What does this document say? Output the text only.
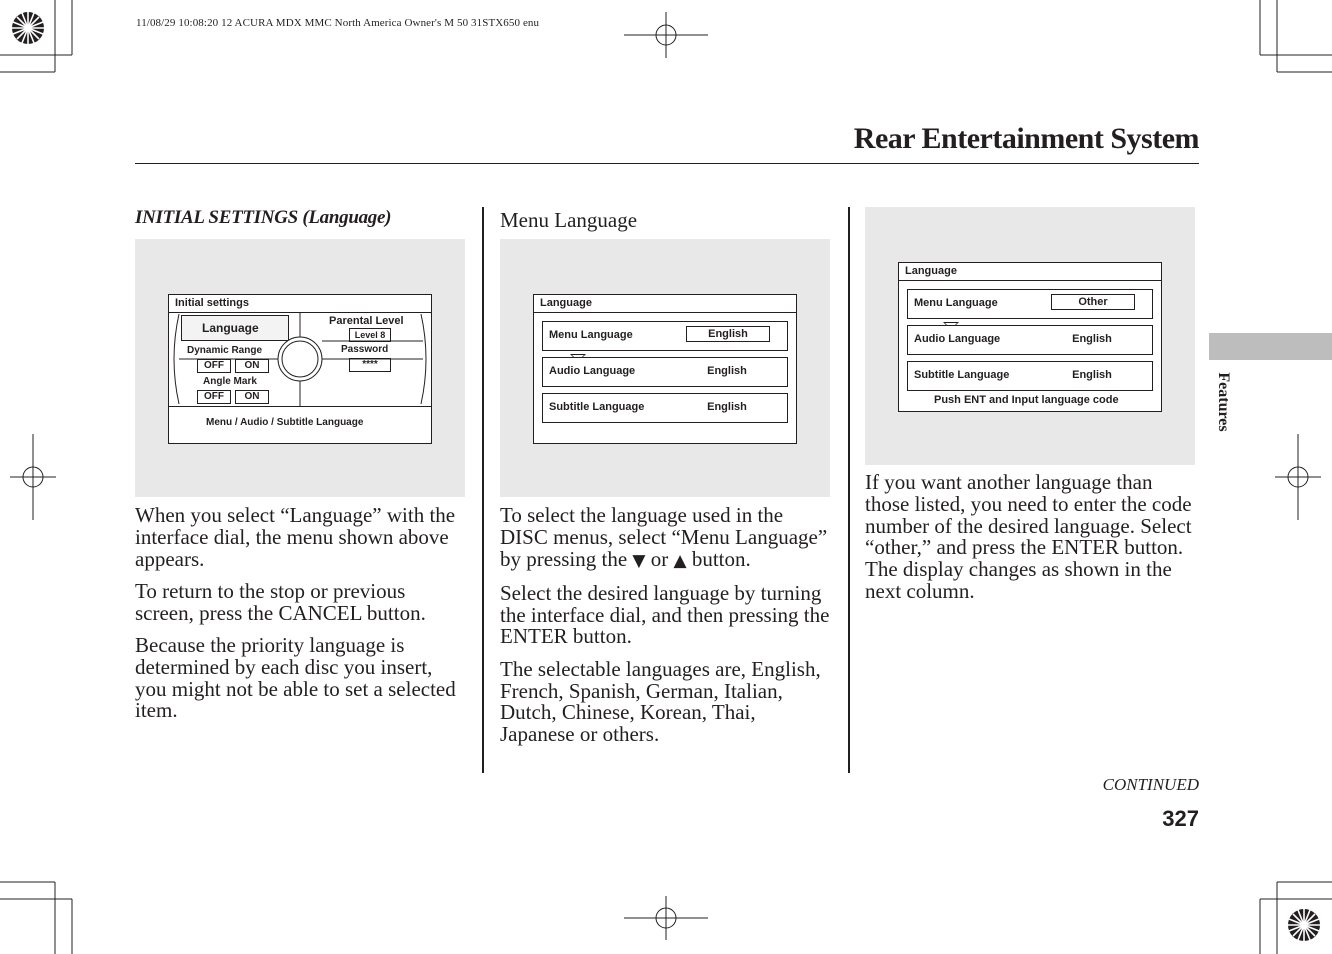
11/08/29 10:08:20 12 ACURA MDX MMC North America Owner's M 50 31STX650 enu
Rear Entertainment System
Features
INITIAL SETTINGS (Language)
Initial settings
Language	Parental Level
Level 8
Dynamic Range
OFF	ON
Password
****
Angle Mark
OFF	ON
Menu / Audio / Subtitle Language

When you select “Language” with the interface dial, the menu shown above appears.

To return to the stop or previous screen, press the CANCEL button.

Because the priority language is determined by each disc you insert, you might not be able to set a selected item.

Menu Language
Language
Menu Language	English
Audio Language	English
Subtitle Language	English

To select the language used in the DISC menus, select “Menu Language” by pressing the ▼ or ▲ button.

Select the desired language by turning the interface dial, and then pressing the ENTER button.

The selectable languages are, English, French, Spanish, German, Italian, Dutch, Chinese, Korean, Thai, Japanese or others.

Language
Menu Language	Other
Audio Language	English
Subtitle Language	English
Push ENT and Input language code

If you want another language than those listed, you need to enter the code number of the desired language. Select “other,” and press the ENTER button. The display changes as shown in the next column.

CONTINUED
327
